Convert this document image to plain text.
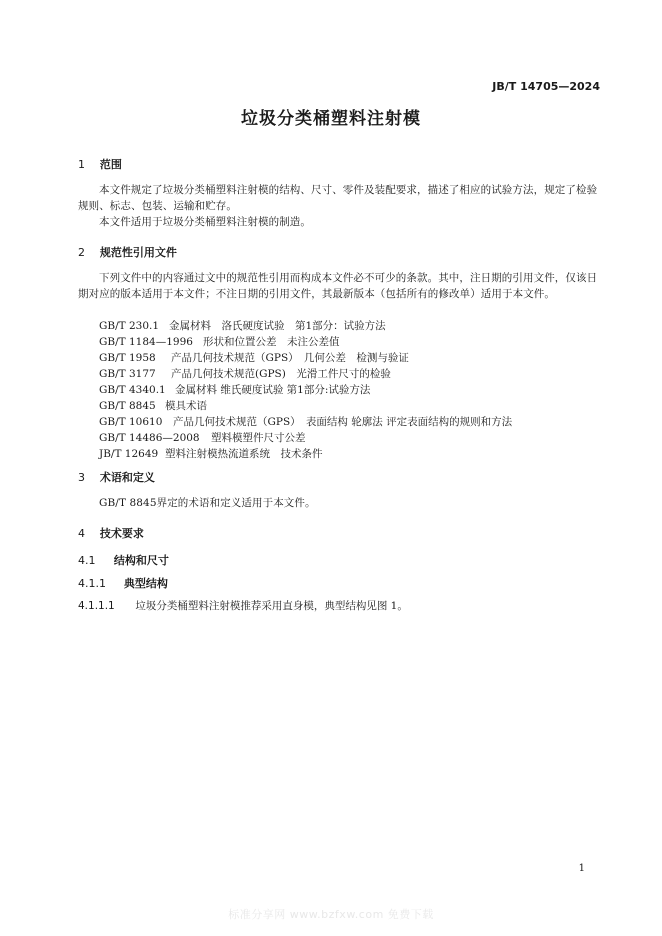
JB/T 14705—2024
垃圾分类桶塑料注射模
1 范围
本文件规定了垃圾分类桶塑料注射模的结构、尺寸、零件及装配要求，描述了相应的试验方法，规定了检验规则、标志、包装、运输和贮存。
本文件适用于垃圾分类桶塑料注射模的制造。
2 规范性引用文件
下列文件中的内容通过文中的规范性引用而构成本文件必不可少的条款。其中，注日期的引用文件，仅该日期对应的版本适用于本文件；不注日期的引用文件，其最新版本（包括所有的修改单）适用于本文件。
GB/T 230.1 金属材料　洛氏硬度试验　第1部分：试验方法
GB/T 1184—1996 形状和位置公差　未注公差值
GB/T 1958 产品几何技术规范（GPS）　几何公差　检测与验证
GB/T 3177 产品几何技术规范(GPS)　光滑工件尺寸的检验
GB/T 4340.1 金属材料 维氏硬度试验 第1部分:试验方法
GB/T 8845 模具术语
GB/T 10610 产品几何技术规范（GPS）　表面结构 轮廓法 评定表面结构的规则和方法
GB/T 14486—2008 塑料模塑件尺寸公差
JB/T 12649 塑料注射模热流道系统　技术条件
3 术语和定义
GB/T 8845界定的术语和定义适用于本文件。
4 技术要求
4.1 结构和尺寸
4.1.1 典型结构
4.1.1.1 垃圾分类桶塑料注射模推荐采用直身模，典型结构见图 1。
1
标准分享网 www.bzfxw.com 免费下载
